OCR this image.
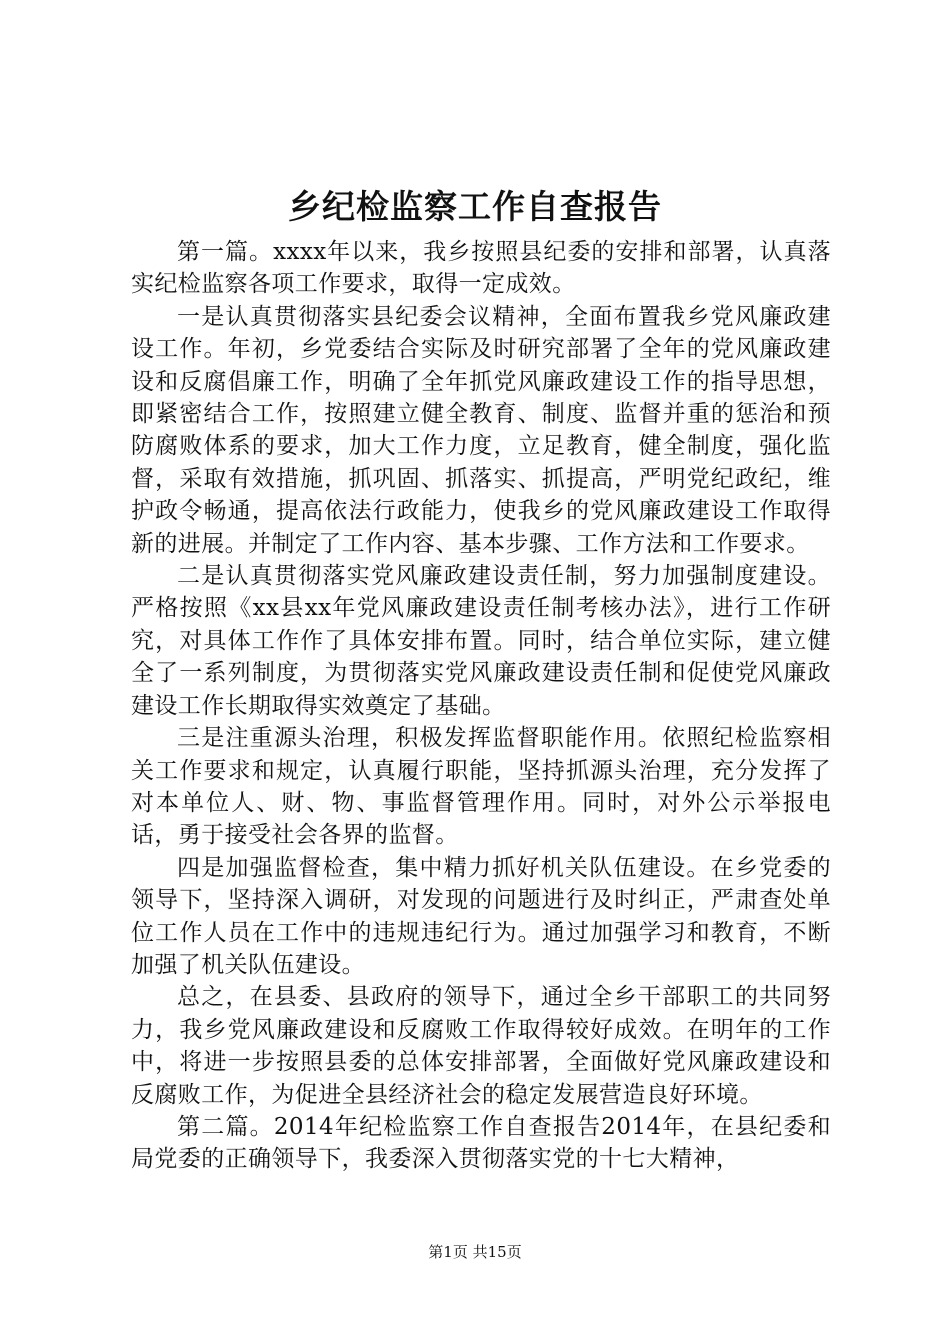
乡纪检监察工作自查报告

第一篇。xxxx年以来，我乡按照县纪委的安排和部署，认真落实纪检监察各项工作要求，取得一定成效。

一是认真贯彻落实县纪委会议精神，全面布置我乡党风廉政建设工作。年初，乡党委结合实际及时研究部署了全年的党风廉政建设和反腐倡廉工作，明确了全年抓党风廉政建设工作的指导思想，即紧密结合工作，按照建立健全教育、制度、监督并重的惩治和预防腐败体系的要求，加大工作力度，立足教育，健全制度，强化监督，采取有效措施，抓巩固、抓落实、抓提高，严明党纪政纪，维护政令畅通，提高依法行政能力，使我乡的党风廉政建设工作取得新的进展。并制定了工作内容、基本步骤、工作方法和工作要求。

二是认真贯彻落实党风廉政建设责任制，努力加强制度建设。严格按照《xx县xx年党风廉政建设责任制考核办法》，进行工作研究，对具体工作作了具体安排布置。同时，结合单位实际，建立健全了一系列制度，为贯彻落实党风廉政建设责任制和促使党风廉政建设工作长期取得实效奠定了基础。

三是注重源头治理，积极发挥监督职能作用。依照纪检监察相关工作要求和规定，认真履行职能，坚持抓源头治理，充分发挥了对本单位人、财、物、事监督管理作用。同时，对外公示举报电话，勇于接受社会各界的监督。

四是加强监督检查，集中精力抓好机关队伍建设。在乡党委的领导下，坚持深入调研，对发现的问题进行及时纠正，严肃查处单位工作人员在工作中的违规违纪行为。通过加强学习和教育，不断加强了机关队伍建设。

总之，在县委、县政府的领导下，通过全乡干部职工的共同努力，我乡党风廉政建设和反腐败工作取得较好成效。在明年的工作中，将进一步按照县委的总体安排部署，全面做好党风廉政建设和反腐败工作，为促进全县经济社会的稳定发展营造良好环境。

第二篇。2014年纪检监察工作自查报告2014年，在县纪委和局党委的正确领导下，我委深入贯彻落实党的十七大精神，

第1页 共15页
